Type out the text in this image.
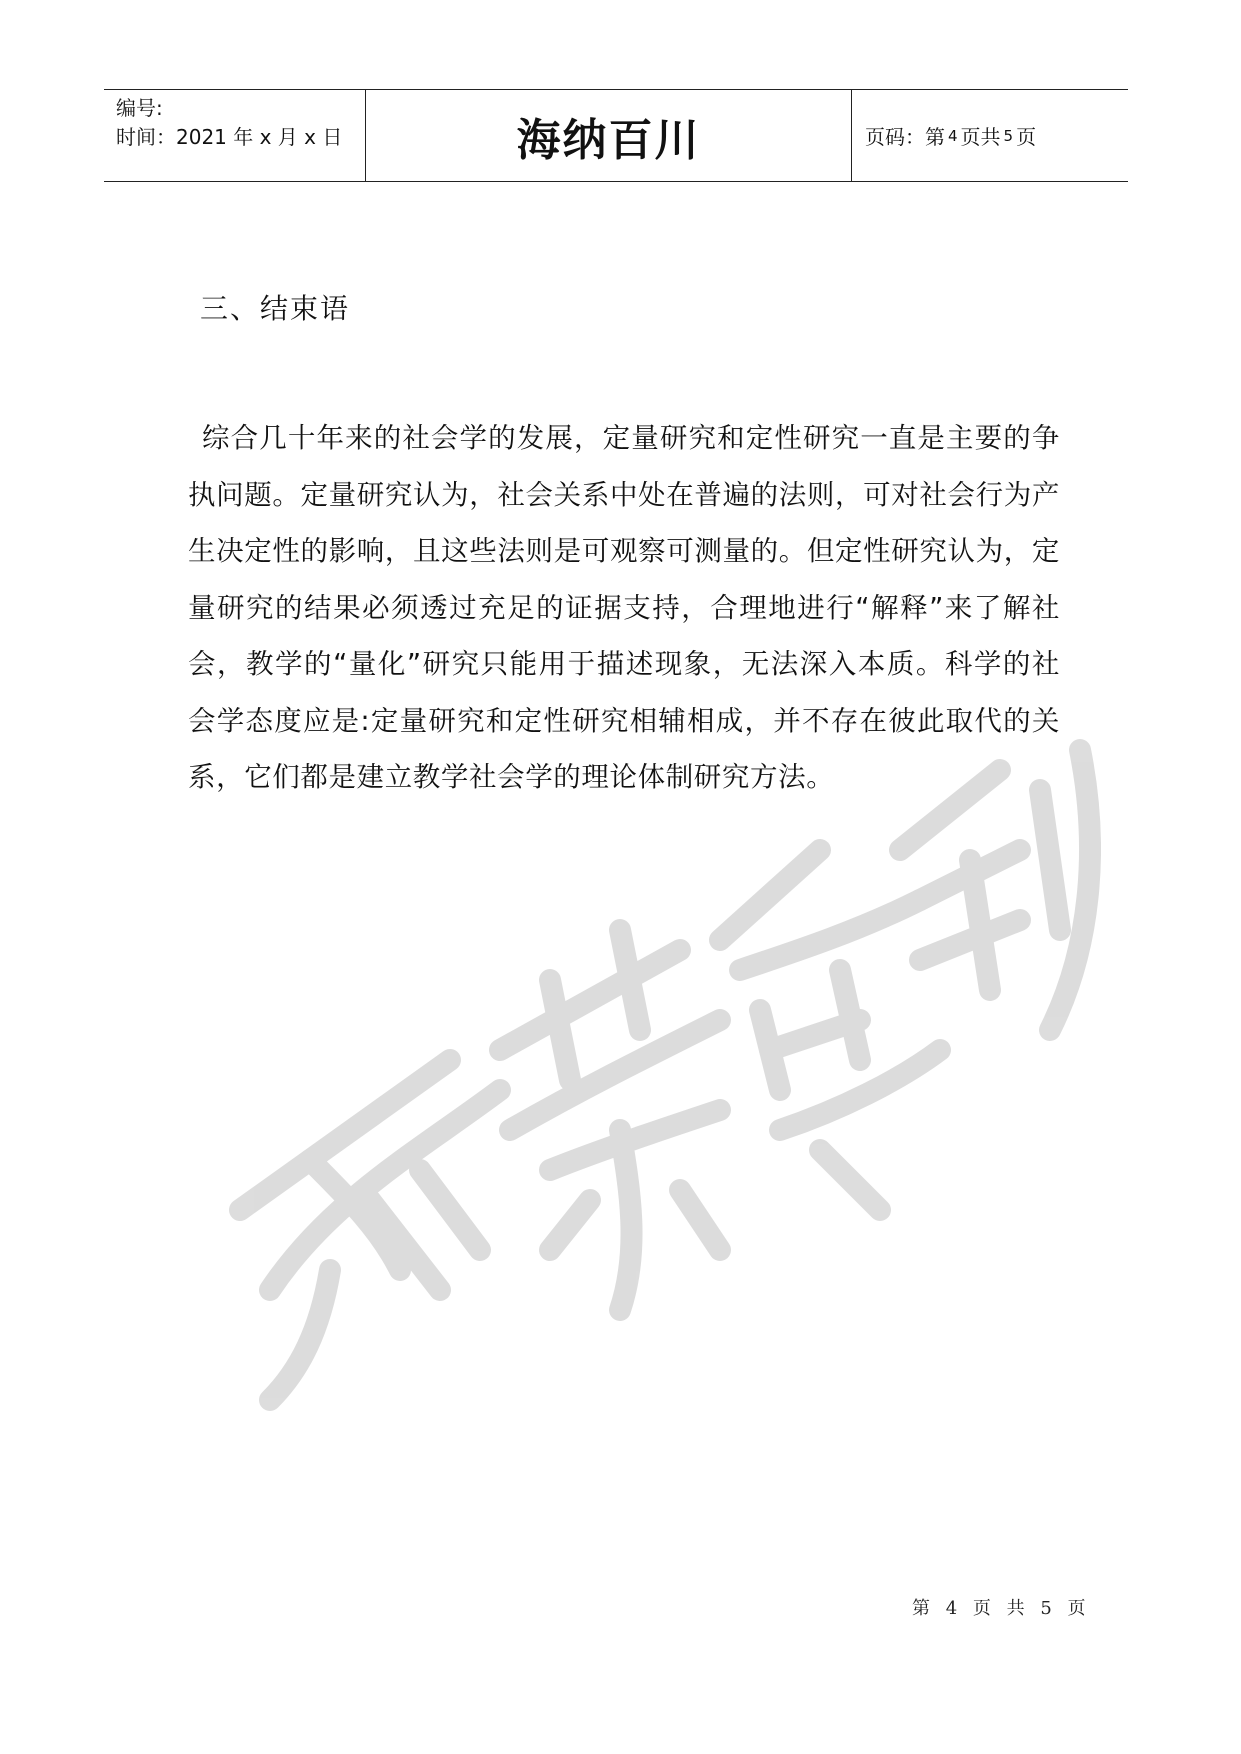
编号:
时间：2021 年 x 月 x 日	海纳百川	页码：第 4 页共 5 页
三、结束语

综合几十年来的社会学的发展，定量研究和定性研究一直是主要的争执问题。定量研究认为，社会关系中处在普遍的法则，可对社会行为产生决定性的影响，且这些法则是可观察可测量的。但定性研究认为，定量研究的结果必须透过充足的证据支持，合理地进行“解释”来了解社会，教学的“量化”研究只能用于描述现象，无法深入本质。科学的社会学态度应是:定量研究和定性研究相辅相成，并不存在彼此取代的关系，它们都是建立教学社会学的理论体制研究方法。

第 4 页 共 5 页
